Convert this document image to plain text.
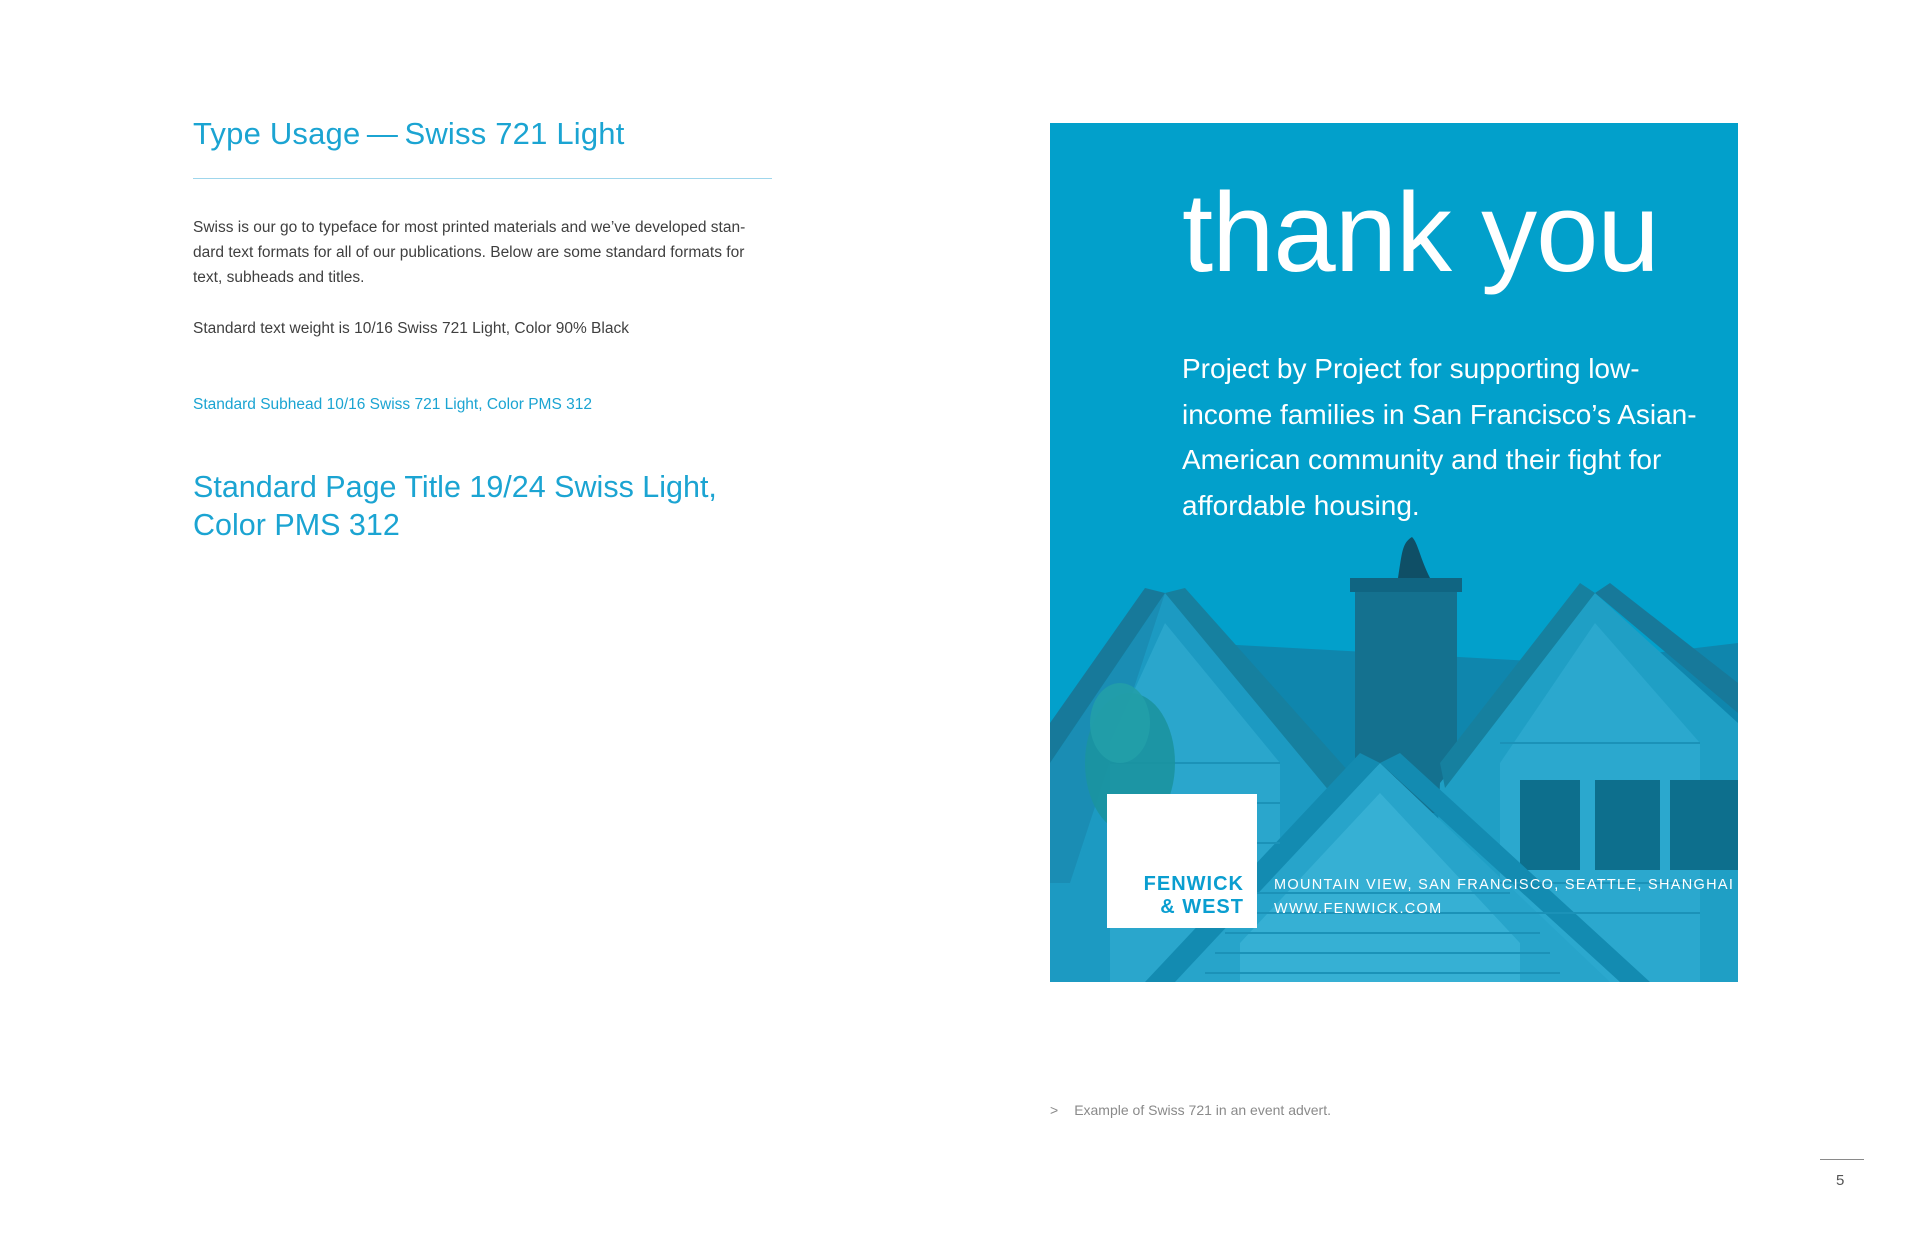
Type Usage — Swiss 721 Light

Swiss is our go to typeface for most printed materials and we’ve developed stan-dard text formats for all of our publications. Below are some standard formats for text, subheads and titles.

Standard text weight is 10/16 Swiss 721 Light, Color 90% Black

Standard Subhead 10/16 Swiss 721 Light, Color PMS 312

Standard Page Title 19/24 Swiss Light, Color PMS 312

thank you

Project by Project for supporting low-income families in San Francisco’s Asian-American community and their fight for affordable housing.

FENWICK
& WEST
MOUNTAIN VIEW, SAN FRANCISCO, SEATTLE, SHANGHAI
WWW.FENWICK.COM
> Example of Swiss 721 in an event advert.
5
